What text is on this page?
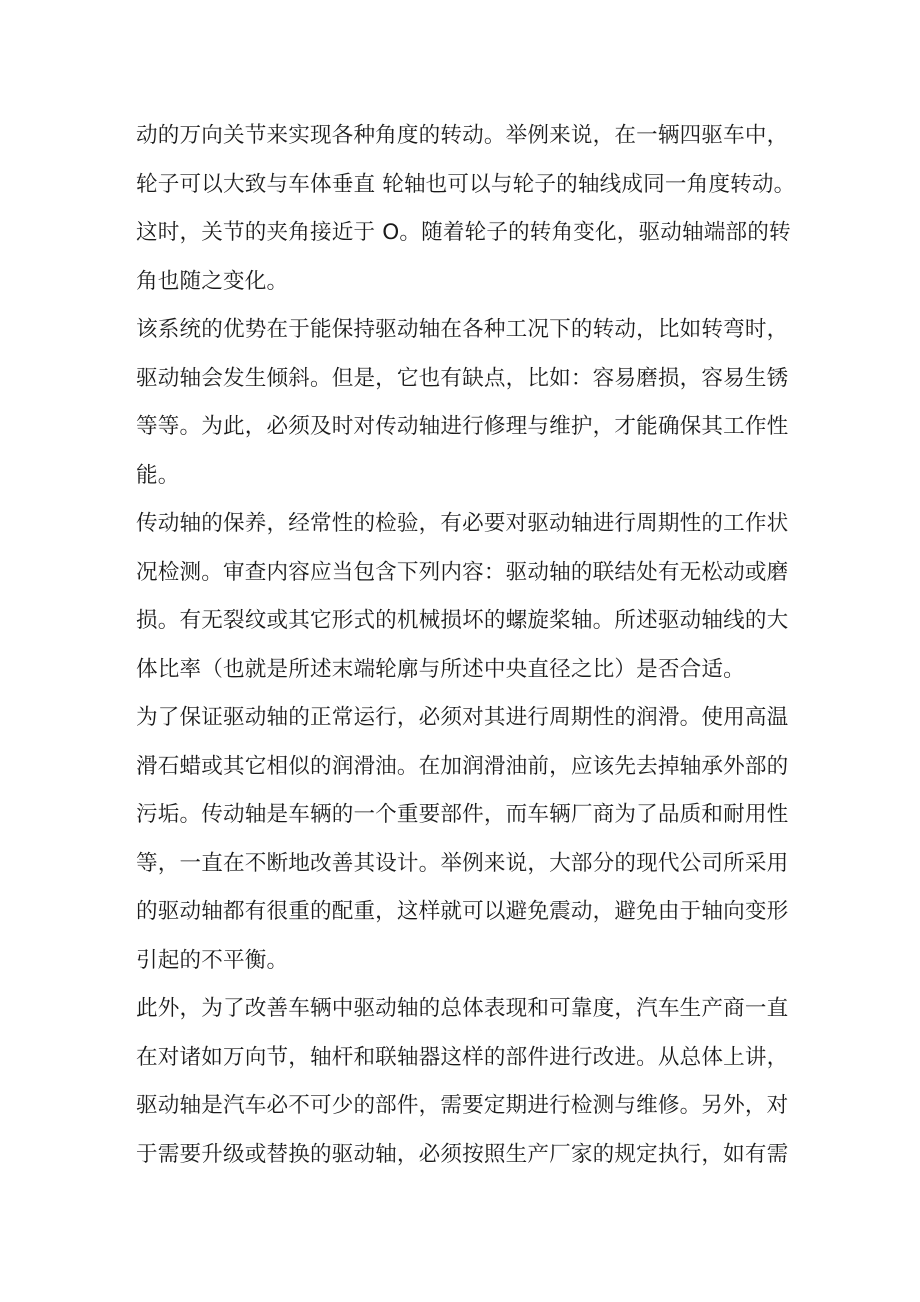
动的万向关节来实现各种角度的转动。举例来说，在一辆四驱车中，
轮子可以大致与车体垂直 轮轴也可以与轮子的轴线成同一角度转动。
这时，关节的夹角接近于 O。随着轮子的转角变化，驱动轴端部的转
角也随之变化。

该系统的优势在于能保持驱动轴在各种工况下的转动，比如转弯时，
驱动轴会发生倾斜。但是，它也有缺点，比如：容易磨损，容易生锈
等等。为此，必须及时对传动轴进行修理与维护，才能确保其工作性
能。

传动轴的保养，经常性的检验，有必要对驱动轴进行周期性的工作状
况检测。审查内容应当包含下列内容：驱动轴的联结处有无松动或磨
损。有无裂纹或其它形式的机械损坏的螺旋桨轴。所述驱动轴线的大
体比率（也就是所述末端轮廓与所述中央直径之比）是否合适。

为了保证驱动轴的正常运行，必须对其进行周期性的润滑。使用高温
滑石蜡或其它相似的润滑油。在加润滑油前，应该先去掉轴承外部的
污垢。传动轴是车辆的一个重要部件，而车辆厂商为了品质和耐用性
等，一直在不断地改善其设计。举例来说，大部分的现代公司所采用
的驱动轴都有很重的配重，这样就可以避免震动，避免由于轴向变形
引起的不平衡。

此外，为了改善车辆中驱动轴的总体表现和可靠度，汽车生产商一直
在对诸如万向节，轴杆和联轴器这样的部件进行改进。从总体上讲，
驱动轴是汽车必不可少的部件，需要定期进行检测与维修。另外，对
于需要升级或替换的驱动轴，必须按照生产厂家的规定执行，如有需
